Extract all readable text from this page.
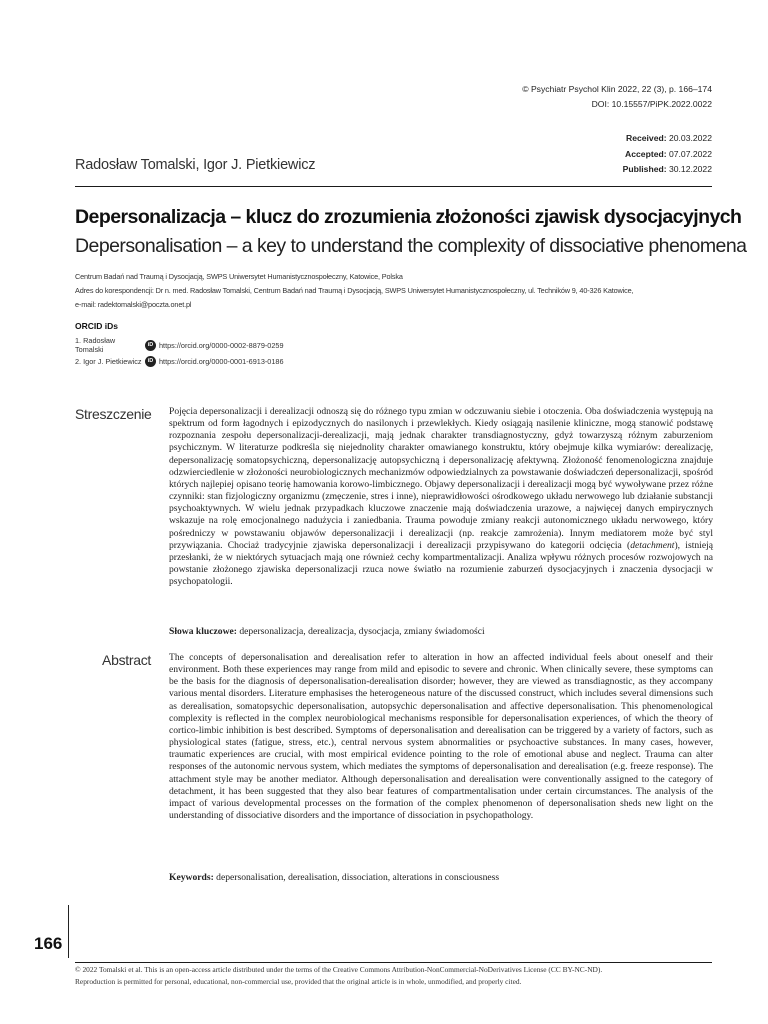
© Psychiatr Psychol Klin 2022, 22 (3), p. 166–174
DOI: 10.15557/PiPK.2022.0022
Received: 20.03.2022
Accepted: 07.07.2022
Published: 30.12.2022
Radosław Tomalski, Igor J. Pietkiewicz
Depersonalizacja – klucz do zrozumienia złożoności zjawisk dysocjacyjnych
Depersonalisation – a key to understand the complexity of dissociative phenomena
Centrum Badań nad Traumą i Dysocjacją, SWPS Uniwersytet Humanistycznospołeczny, Katowice, Polska
Adres do korespondencji: Dr n. med. Radosław Tomalski, Centrum Badań nad Traumą i Dysocjacją, SWPS Uniwersytet Humanistycznospołeczny, ul. Techników 9, 40-326 Katowice,
e-mail: radektomalski@poczta.onet.pl
ORCID iDs
1. Radosław Tomalski	iD https://orcid.org/0000-0002-8879-0259
2. Igor J. Pietkiewicz	iD https://orcid.org/0000-0001-6913-0186
Streszczenie Pojęcia depersonalizacji i derealizacji odnoszą się do różnego typu zmian w odczuwaniu siebie i otoczenia. Oba doświadczenia występują na spektrum od form łagodnych i epizodycznych do nasilonych i przewlekłych. Kiedy osiągają nasilenie kliniczne, mogą stanowić podstawę rozpoznania zespołu depersonalizacji-derealizacji, mają jednak charakter transdiagnostyczny, gdyż towarzyszą różnym zaburzeniom psychicznym. W literaturze podkreśla się niejednolity charakter omawianego konstruktu, który obejmuje kilka wymiarów: derealizację, depersonalizację somatopsychiczną, depersonalizację autopsychiczną i depersonalizację afektywną. Złożoność fenomenologiczna znajduje odzwierciedlenie w złożoności neurobiologicznych mechanizmów odpowiedzialnych za powstawanie doświadczeń depersonalizacji, spośród których najlepiej opisano teorię hamowania korowo-limbicznego. Objawy depersonalizacji i derealizacji mogą być wywoływane przez różne czynniki: stan fizjologiczny organizmu (zmęczenie, stres i inne), nieprawidłowości ośrodkowego układu nerwowego lub działanie substancji psychoaktywnych. W wielu jednak przypadkach kluczowe znaczenie mają doświadczenia urazowe, a najwięcej danych empirycznych wskazuje na rolę emocjonalnego nadużycia i zaniedbania. Trauma powoduje zmiany reakcji autonomicznego układu nerwowego, który pośredniczy w powstawaniu objawów depersonalizacji i derealizacji (np. reakcje zamrożenia). Innym mediatorem może być styl przywiązania. Chociaż tradycyjnie zjawiska depersonalizacji i derealizacji przypisywano do kategorii odcięcia (detachment), istnieją przesłanki, że w niektórych sytuacjach mają one również cechy kompartmentalizacji. Analiza wpływu różnych procesów rozwojowych na powstanie złożonego zjawiska depersonalizacji rzuca nowe światło na rozumienie zaburzeń dysocjacyjnych i znaczenia dysocjacji w psychopatologii.
Słowa kluczowe: depersonalizacja, derealizacja, dysocjacja, zmiany świadomości
Abstract The concepts of depersonalisation and derealisation refer to alteration in how an affected individual feels about oneself and their environment. Both these experiences may range from mild and episodic to severe and chronic. When clinically severe, these symptoms can be the basis for the diagnosis of depersonalisation-derealisation disorder; however, they are viewed as transdiagnostic, as they accompany various mental disorders. Literature emphasises the heterogeneous nature of the discussed construct, which includes several dimensions such as derealisation, somatopsychic depersonalisation, autopsychic depersonalisation and affective depersonalisation. This phenomenological complexity is reflected in the complex neurobiological mechanisms responsible for depersonalisation experiences, of which the theory of cortico-limbic inhibition is best described. Symptoms of depersonalisation and derealisation can be triggered by a variety of factors, such as physiological states (fatigue, stress, etc.), central nervous system abnormalities or psychoactive substances. In many cases, however, traumatic experiences are crucial, with most empirical evidence pointing to the role of emotional abuse and neglect. Trauma can alter responses of the autonomic nervous system, which mediates the symptoms of depersonalisation and derealisation (e.g. freeze response). The attachment style may be another mediator. Although depersonalisation and derealisation were conventionally assigned to the category of detachment, it has been suggested that they also bear features of compartmentalisation under certain circumstances. The analysis of the impact of various developmental processes on the formation of the complex phenomenon of depersonalisation sheds new light on the understanding of dissociative disorders and the importance of dissociation in psychopathology.
Keywords: depersonalisation, derealisation, dissociation, alterations in consciousness
166
© 2022 Tomalski et al. This is an open-access article distributed under the terms of the Creative Commons Attribution-NonCommercial-NoDerivatives License (CC BY-NC-ND).
Reproduction is permitted for personal, educational, non-commercial use, provided that the original article is in whole, unmodified, and properly cited.
